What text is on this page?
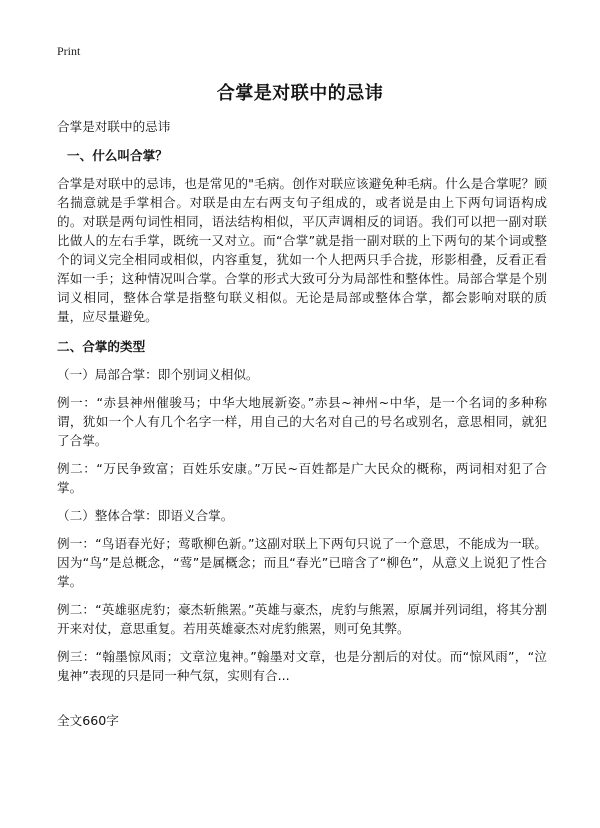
Print
合掌是对联中的忌讳
合掌是对联中的忌讳
一、什么叫合掌？
合掌是对联中的忌讳，也是常见的"毛病。创作对联应该避免种毛病。什么是合掌呢？顾名揣意就是手掌相合。对联是由左右两支句子组成的，或者说是由上下两句词语构成的。对联是两句词性相同，语法结构相似，平仄声调相反的词语。我们可以把一副对联比做人的左右手掌，既统一又对立。而“合掌”就是指一副对联的上下两句的某个词或整个的词义完全相同或相似，内容重复，犹如一个人把两只手合拢，形影相叠，反看正看浑如一手；这种情况叫合掌。合掌的形式大致可分为局部性和整体性。局部合掌是个别词义相同，整体合掌是指整句联义相似。无论是局部或整体合掌，都会影响对联的质量，应尽量避免。
二、合掌的类型
（一）局部合掌：即个别词义相似。
例一：“赤县神州催骏马；中华大地展新姿。”赤县~神州~中华，是一个名词的多种称谓，犹如一个人有几个名字一样，用自己的大名对自己的号名或别名，意思相同，就犯了合掌。
例二：“万民争致富；百姓乐安康。”万民~百姓都是广大民众的概称，两词相对犯了合掌。
（二）整体合掌：即语义合掌。
例一：“鸟语春光好；莺歌柳色新。”这副对联上下两句只说了一个意思，不能成为一联。因为“鸟”是总概念，“莺”是属概念；而且“春光”已暗含了“柳色”，从意义上说犯了性合掌。
例二：“英雄驱虎豹；豪杰斩熊罴。”英雄与豪杰，虎豹与熊罴，原属并列词组，将其分割开来对仗，意思重复。若用英雄豪杰对虎豹熊罴，则可免其弊。
例三：“翰墨惊风雨；文章泣鬼神。”翰墨对文章，也是分割后的对仗。而“惊风雨”，“泣鬼神”表现的只是同一种气氛，实则有合...
全文660字
